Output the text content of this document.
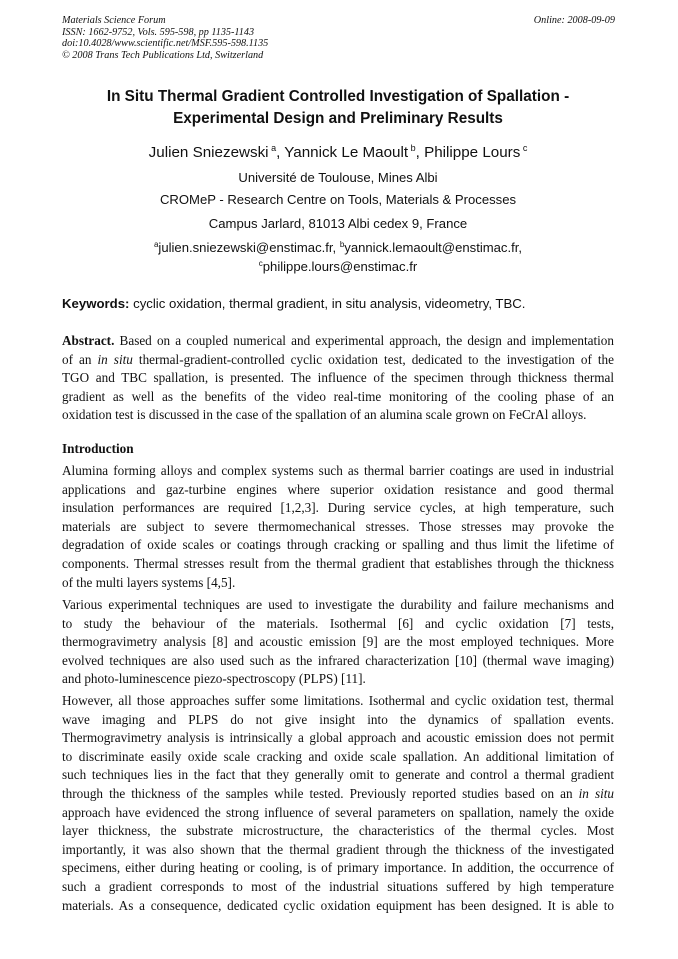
Materials Science Forum
ISSN: 1662-9752, Vols. 595-598, pp 1135-1143
doi:10.4028/www.scientific.net/MSF.595-598.1135
© 2008 Trans Tech Publications Ltd, Switzerland
Online: 2008-09-09
In Situ Thermal Gradient Controlled Investigation of Spallation -
Experimental Design and Preliminary Results
Julien Sniezewski $^a$, Yannick Le Maoult $^b$, Philippe Lours $^c$
Université de Toulouse, Mines Albi
CROMeP - Research Centre on Tools, Materials & Processes
Campus Jarlard, 81013 Albi cedex 9, France
$^a$julien.sniezewski@enstimac.fr, $^b$yannick.lemaoult@enstimac.fr,
$^c$philippe.lours@enstimac.fr
Keywords: cyclic oxidation, thermal gradient, in situ analysis, videometry, TBC.
Abstract. Based on a coupled numerical and experimental approach, the design and implementation
of an in situ thermal-gradient-controlled cyclic oxidation test, dedicated to the investigation of the
TGO and TBC spallation, is presented. The influence of the specimen through thickness thermal
gradient as well as the benefits of the video real-time monitoring of the cooling phase of an
oxidation test is discussed in the case of the spallation of an alumina scale grown on FeCrAl alloys.
Introduction
Alumina forming alloys and complex systems such as thermal barrier coatings are used in industrial
applications and gaz-turbine engines where superior oxidation resistance and good thermal
insulation performances are required [1,2,3]. During service cycles, at high temperature, such
materials are subject to severe thermomechanical stresses. Those stresses may provoke the
degradation of oxide scales or coatings through cracking or spalling and thus limit the lifetime of
components. Thermal stresses result from the thermal gradient that establishes through the thickness
of the multi layers systems [4,5].
Various experimental techniques are used to investigate the durability and failure mechanisms and
to study the behaviour of the materials. Isothermal [6] and cyclic oxidation [7] tests,
thermogravimetry analysis [8] and acoustic emission [9] are the most employed techniques. More
evolved techniques are also used such as the infrared characterization [10] (thermal wave imaging)
and photo-luminescence piezo-spectroscopy (PLPS) [11].
However, all those approaches suffer some limitations. Isothermal and cyclic oxidation test, thermal
wave imaging and PLPS do not give insight into the dynamics of spallation events.
Thermogravimetry analysis is intrinsically a global approach and acoustic emission does not permit
to discriminate easily oxide scale cracking and oxide scale spallation. An additional limitation of
such techniques lies in the fact that they generally omit to generate and control a thermal gradient
through the thickness of the samples while tested. Previously reported studies based on an in situ
approach have evidenced the strong influence of several parameters on spallation, namely the oxide
layer thickness, the substrate microstructure, the characteristics of the thermal cycles. Most
importantly, it was also shown that the thermal gradient through the thickness of the investigated
specimens, either during heating or cooling, is of primary importance. In addition, the occurrence of
such a gradient corresponds to most of the industrial situations suffered by high temperature
materials. As a consequence, dedicated cyclic oxidation equipment has been designed. It is able to
